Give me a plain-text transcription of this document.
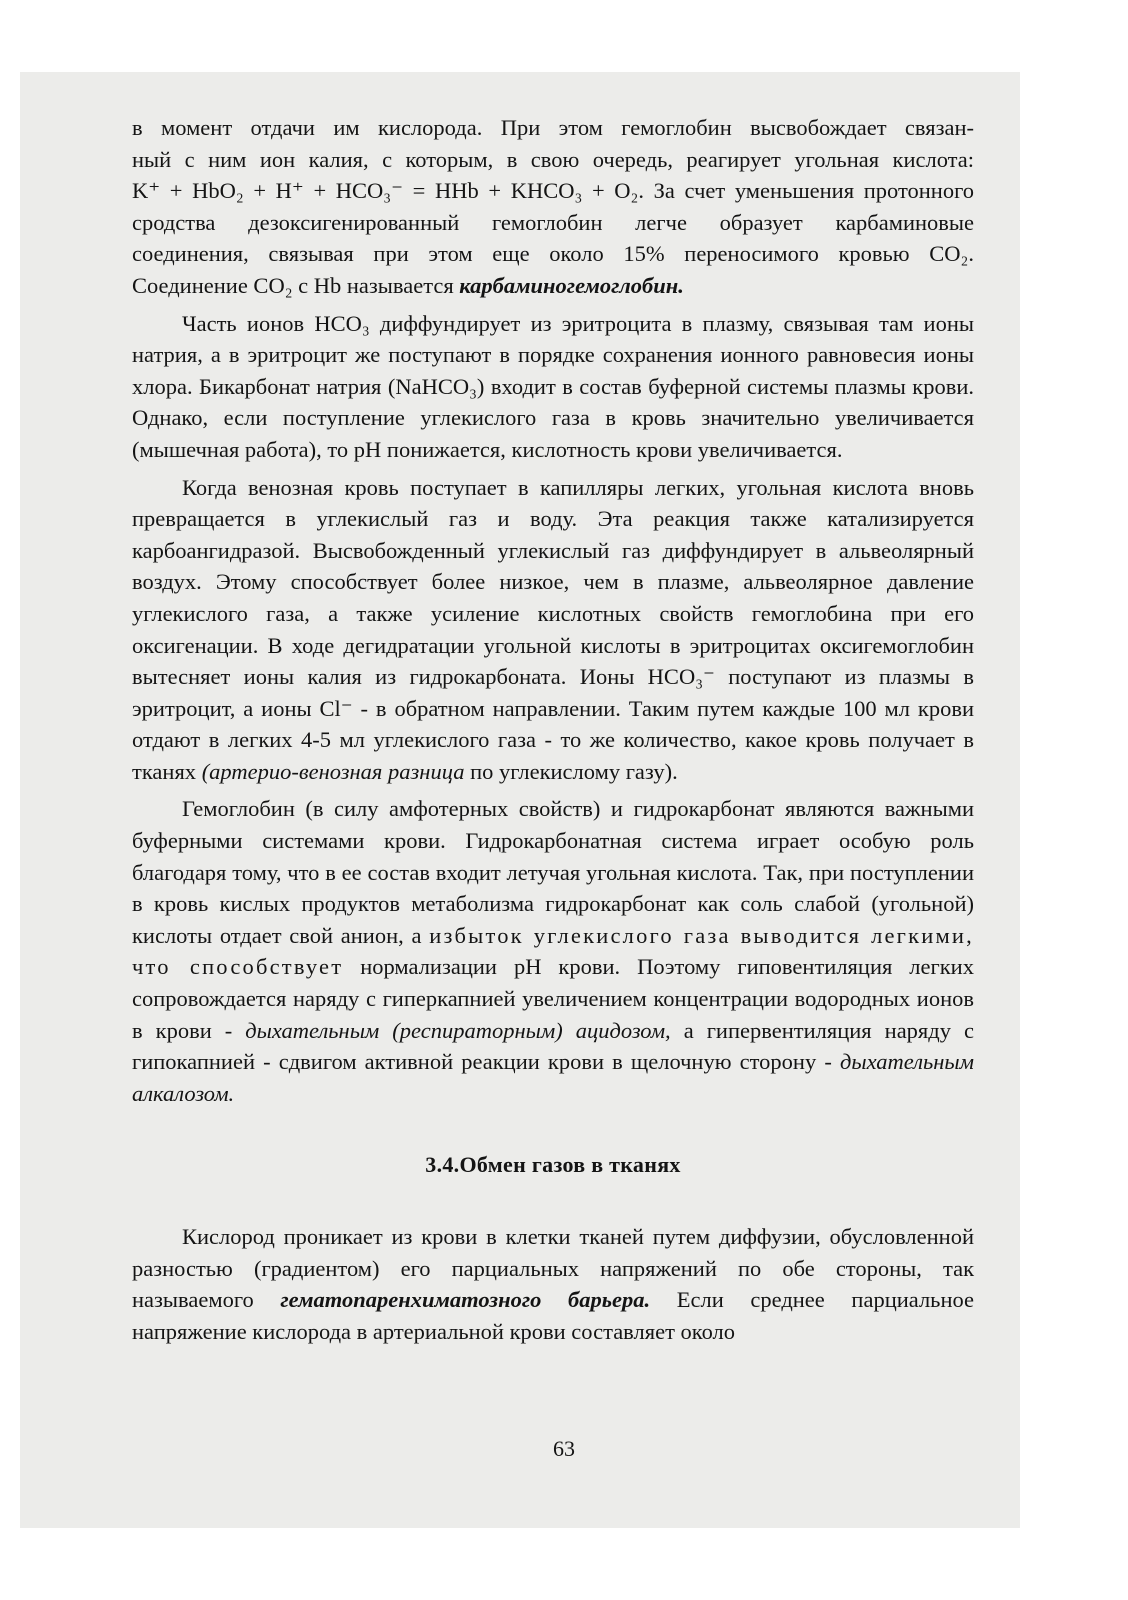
в момент отдачи им кислорода. При этом гемоглобин высвобождает связан-

ный с ним ион калия, с которым, в свою очередь, реагирует угольная кислота:

K⁺ + HbO₂ + H⁺ + HCO₃⁻ = HHb + KHCO₃ + O₂. За счет уменьшения протонного

сродства дезоксигенированный гемоглобин легче образует карбаминовые

соединения, связывая при этом еще около 15% переносимого кровью CO₂.

Соединение CO₂ с Hb называется карбаминогемоглобин.

Часть ионов HCO₃ диффундирует из эритроцита в плазму, связывая там ионы натрия, а в эритроцит же поступают в порядке сохранения ионного равновесия ионы хлора. Бикарбонат натрия (NaHCO₃) входит в состав буферной системы плазмы крови. Однако, если поступление углекислого газа в кровь значительно увеличивается (мышечная работа), то pH понижается, кислотность крови увеличивается.

Когда венозная кровь поступает в капилляры легких, угольная кислота вновь превращается в углекислый газ и воду. Эта реакция также катализируется карбоангидразой. Высвобожденный углекислый газ диффундирует в альвеолярный воздух. Этому способствует более низкое, чем в плазме, альвеолярное давление углекислого газа, а также усиление кислотных свойств гемоглобина при его оксигенации. В ходе дегидратации угольной кислоты в эритроцитах оксигемоглобин вытесняет ионы калия из гидрокарбоната. Ионы HCO₃⁻ поступают из плазмы в эритроцит, а ионы Cl⁻ - в обратном направлении. Таким путем каждые 100 мл крови отдают в легких 4-5 мл углекислого газа - то же количество, какое кровь получает в тканях (артерио-венозная разница по углекислому газу).

Гемоглобин (в силу амфотерных свойств) и гидрокарбонат являются важными буферными системами крови. Гидрокарбонатная система играет особую роль благодаря тому, что в ее состав входит летучая угольная кислота. Так, при поступлении в кровь кислых продуктов метаболизма гидрокарбонат как соль слабой (угольной) кислоты отдает свой анион, а избыток углекислого газа выводится легкими, что способствует нормализации pH крови. Поэтому гиповентиляция легких сопровождается наряду с гиперкапнией увеличением концентрации водородных ионов в крови - дыхательным (респираторным) ацидозом, а гипервентиляция наряду с гипокапнией - сдвигом активной реакции крови в щелочную сторону - дыхательным алкалозом.

3.4.Обмен газов в тканях

Кислород проникает из крови в клетки тканей путем диффузии, обусловленной разностью (градиентом) его парциальных напряжений по обе стороны, так называемого гематопаренхиматозного барьера. Если среднее парциальное напряжение кислорода в артериальной крови составляет около

63
